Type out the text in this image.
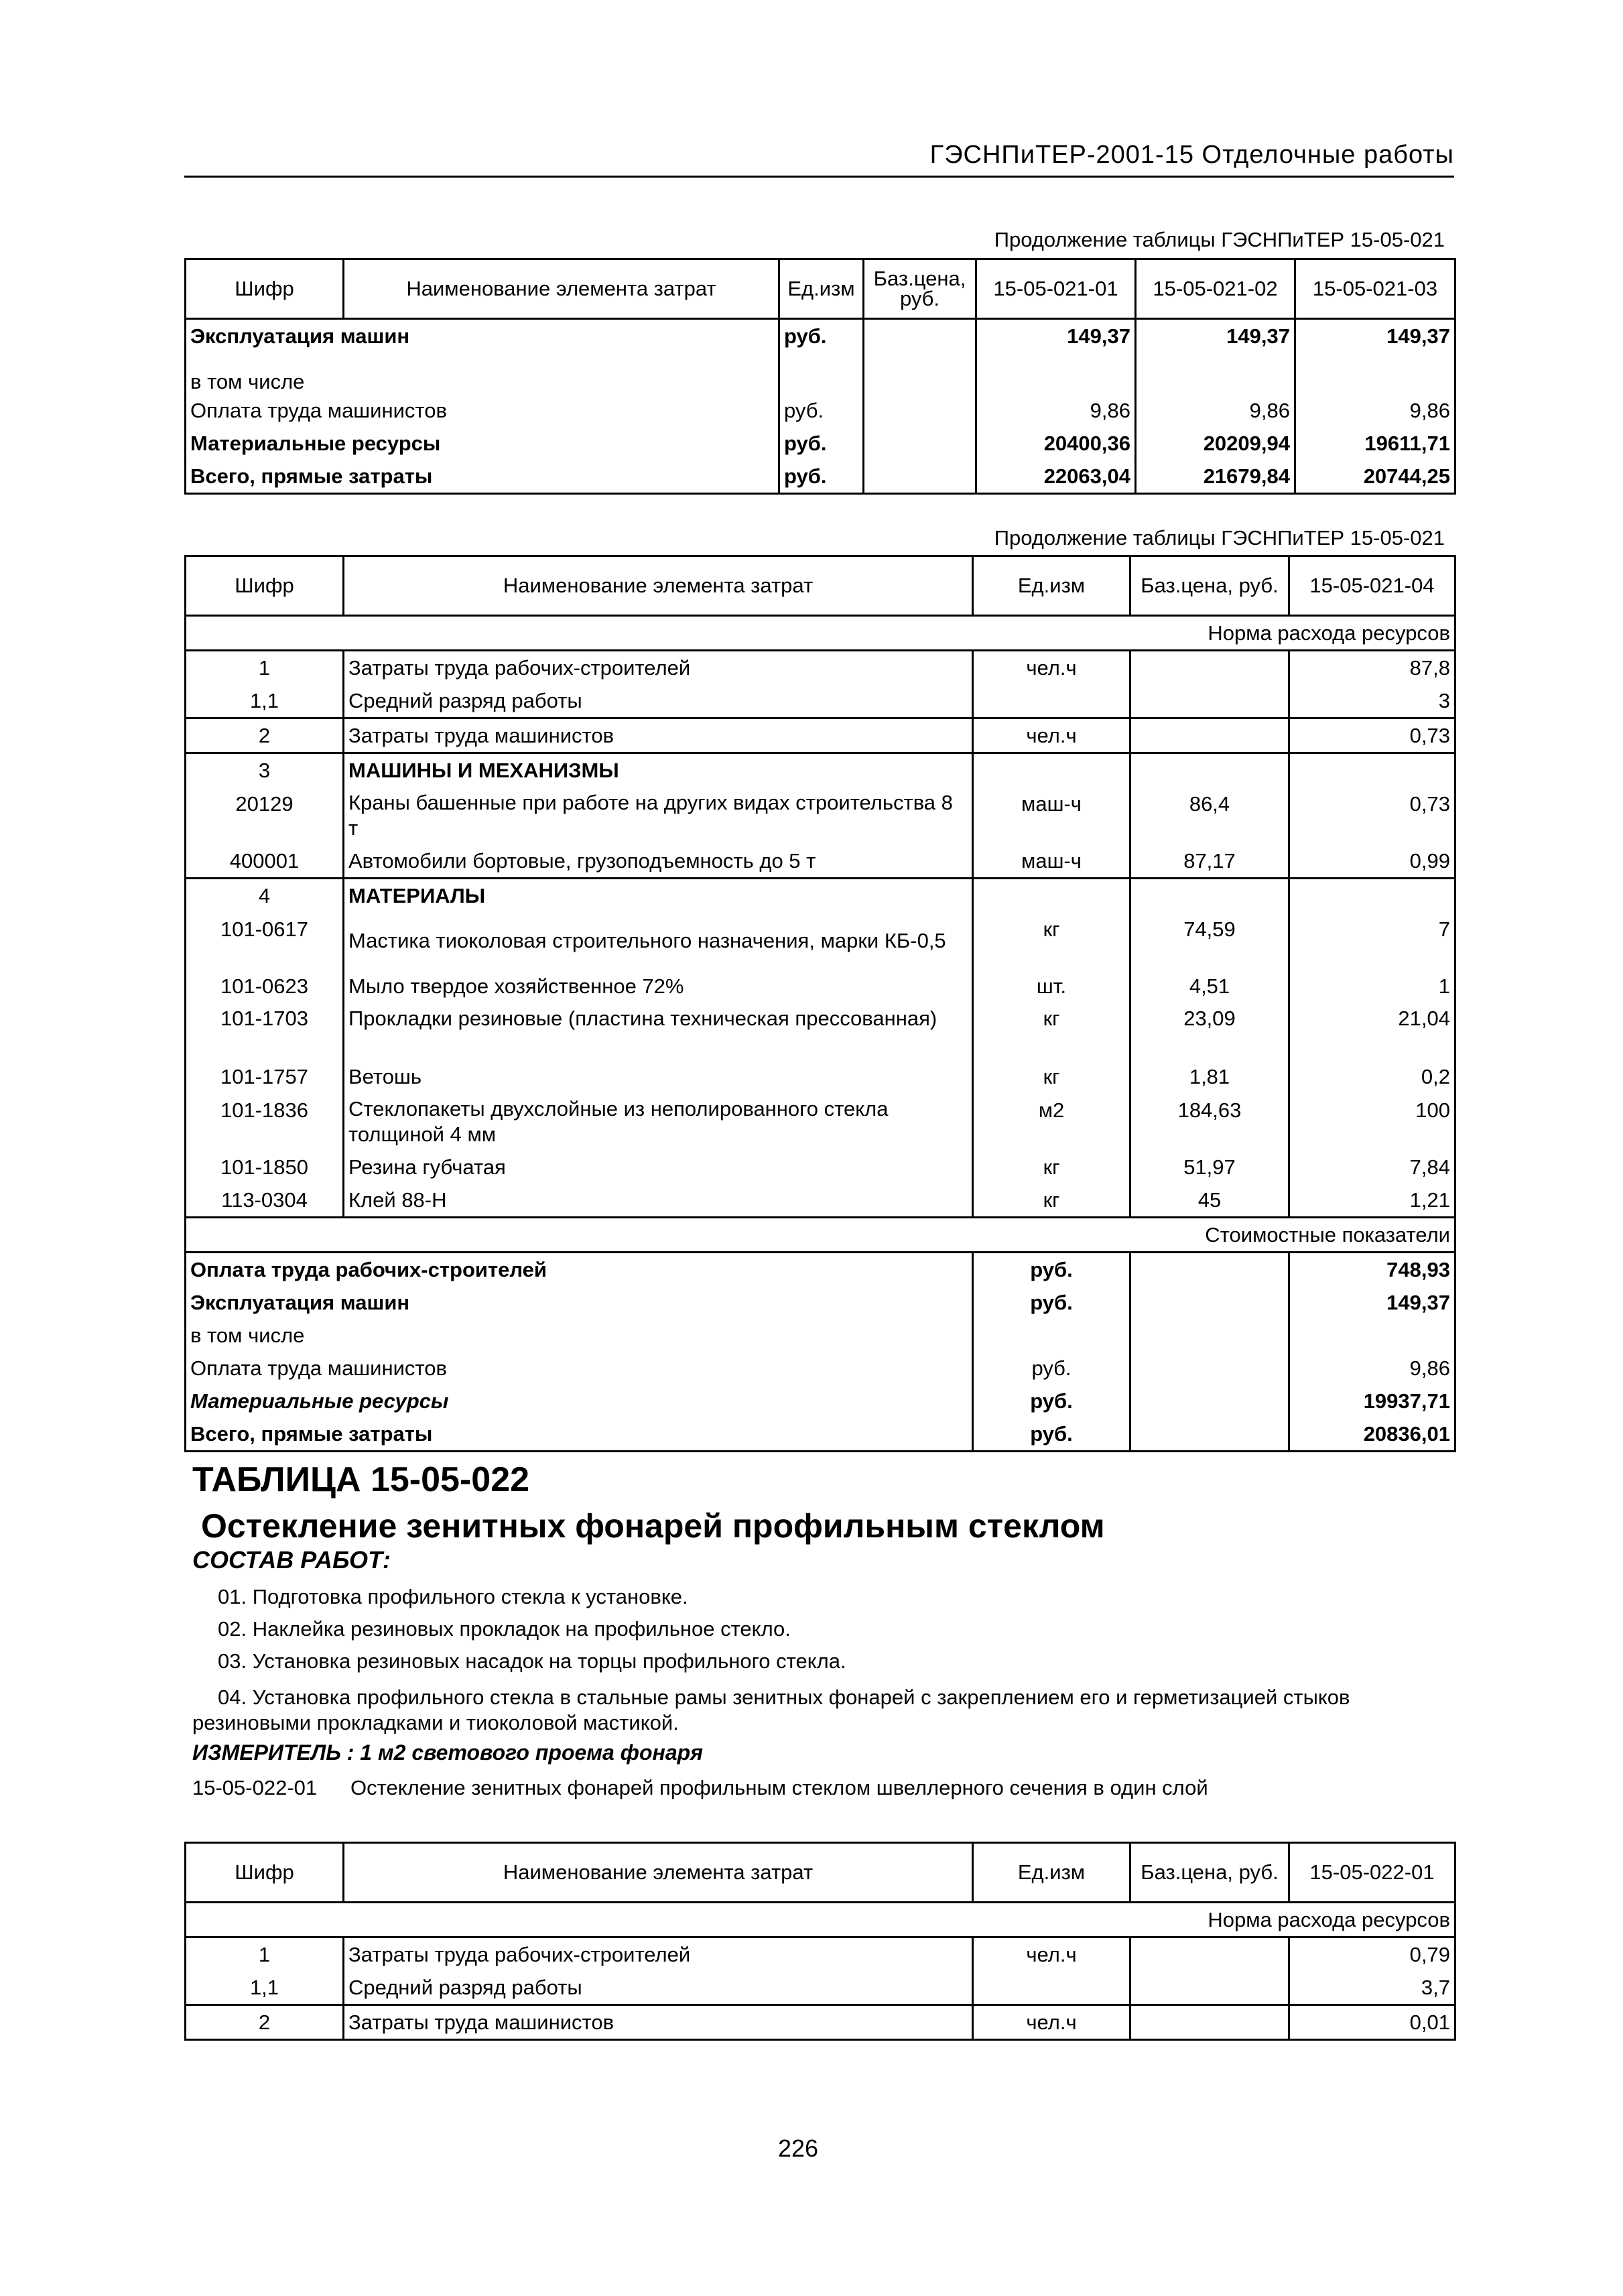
ГЭСНПиТЕР-2001-15 Отделочные работы
Продолжение таблицы ГЭСНПиТЕР 15-05-021
Шифр	Наименование элемента затрат	Ед.изм	Баз.цена, руб.	15-05-021-01	15-05-021-02	15-05-021-03
Эксплуатация машин		руб.		149,37	149,37	149,37
в том числе						
Оплата труда машинистов		руб.		9,86	9,86	9,86
Материальные ресурсы		руб.		20400,36	20209,94	19611,71
Всего, прямые затраты		руб.		22063,04	21679,84	20744,25
Продолжение таблицы ГЭСНПиТЕР 15-05-021
Шифр	Наименование элемента затрат	Ед.изм	Баз.цена, руб.	15-05-021-04
Норма расхода ресурсов				
1	Затраты труда рабочих-строителей	чел.ч		87,8
1,1	Средний разряд работы			3
2	Затраты труда машинистов	чел.ч		0,73
3	МАШИНЫ И МЕХАНИЗМЫ			
20129	Краны башенные при работе на других видах строительства 8 т	маш-ч	86,4	0,73
400001	Автомобили бортовые, грузоподъемность до 5 т	маш-ч	87,17	0,99
4	МАТЕРИАЛЫ			
101-0617	Мастика тиоколовая строительного назначения, марки КБ-0,5	кг	74,59	7
101-0623	Мыло твердое хозяйственное 72%	шт.	4,51	1
101-1703	Прокладки резиновые (пластина техническая прессованная)	кг	23,09	21,04
101-1757	Ветошь	кг	1,81	0,2
101-1836	Стеклопакеты двухслойные из неполированного стекла толщиной 4 мм	м2	184,63	100
101-1850	Резина губчатая	кг	51,97	7,84
113-0304	Клей 88-Н	кг	45	1,21
Стоимостные показатели				
Оплата труда рабочих-строителей		руб.		748,93
Эксплуатация машин		руб.		149,37
в том числе				
Оплата труда машинистов		руб.		9,86
Материальные ресурсы		руб.		19937,71
Всего, прямые затраты		руб.		20836,01
ТАБЛИЦА 15-05-022
Остекление зенитных фонарей профильным стеклом
СОСТАВ РАБОТ:
01. Подготовка профильного стекла к установке.
02. Наклейка резиновых прокладок на профильное стекло.
03. Установка резиновых насадок на торцы профильного стекла.
04. Установка профильного стекла в стальные рамы зенитных фонарей с закреплением его и герметизацией стыков
резиновыми прокладками и тиоколовой мастикой.
ИЗМЕРИТЕЛЬ : 1 м2 светового проема фонаря
15-05-022-01 Остекление зенитных фонарей профильным стеклом швеллерного сечения в один слой
Шифр	Наименование элемента затрат	Ед.изм	Баз.цена, руб.	15-05-022-01
Норма расхода ресурсов				
1	Затраты труда рабочих-строителей	чел.ч		0,79
1,1	Средний разряд работы			3,7
2	Затраты труда машинистов	чел.ч		0,01
226
